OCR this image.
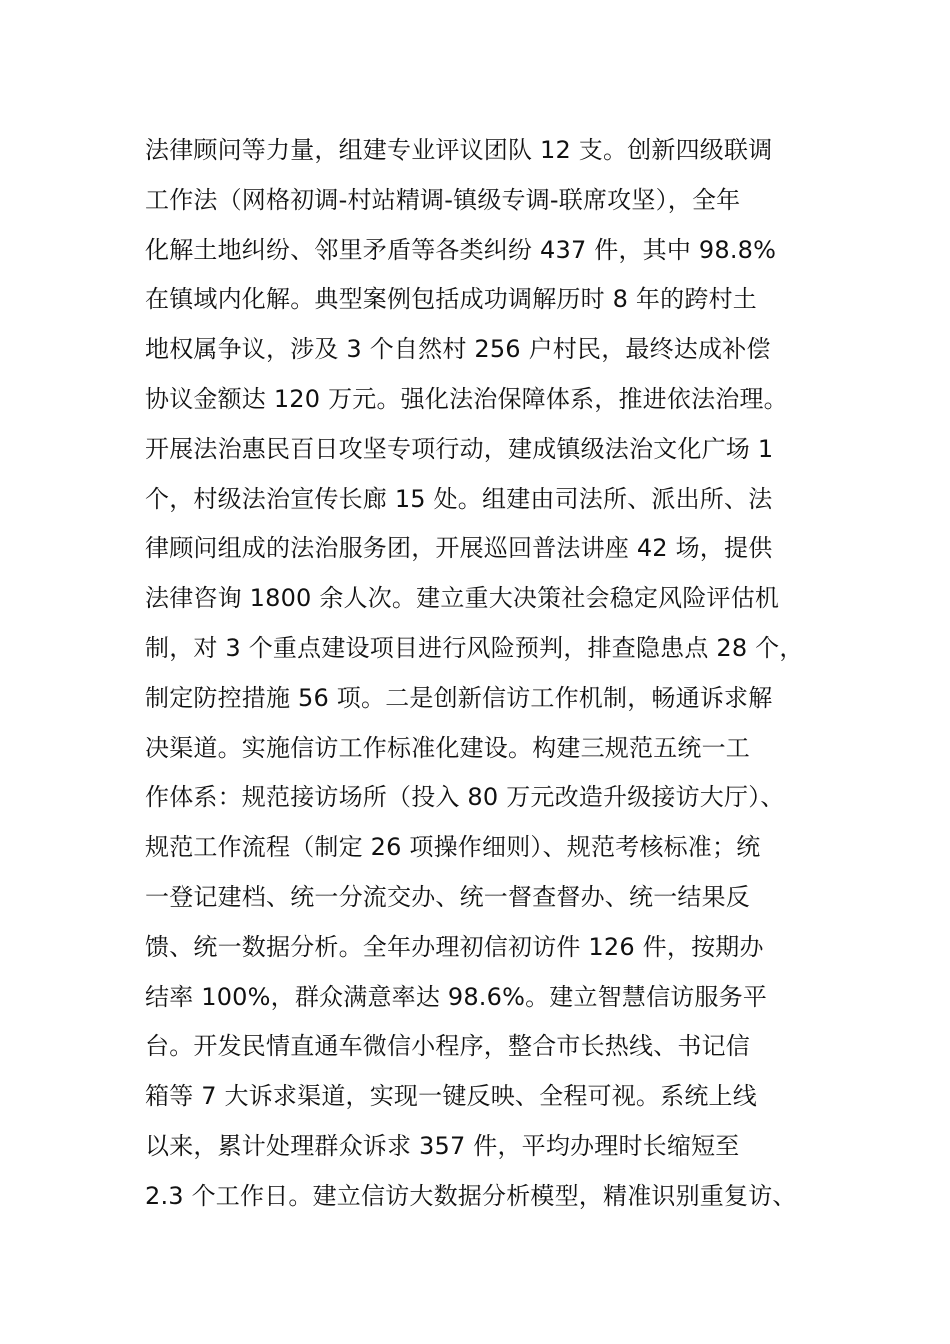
法律顾问等力量，组建专业评议团队 12 支。创新四级联调
工作法（网格初调-村站精调-镇级专调-联席攻坚），全年
化解土地纠纷、邻里矛盾等各类纠纷 437 件，其中 98.8%
在镇域内化解。典型案例包括成功调解历时 8 年的跨村土
地权属争议，涉及 3 个自然村 256 户村民，最终达成补偿
协议金额达 120 万元。强化法治保障体系，推进依法治理。
开展法治惠民百日攻坚专项行动，建成镇级法治文化广场 1
个，村级法治宣传长廊 15 处。组建由司法所、派出所、法
律顾问组成的法治服务团，开展巡回普法讲座 42 场，提供
法律咨询 1800 余人次。建立重大决策社会稳定风险评估机
制，对 3 个重点建设项目进行风险预判，排查隐患点 28 个，
制定防控措施 56 项。二是创新信访工作机制，畅通诉求解
决渠道。实施信访工作标准化建设。构建三规范五统一工
作体系：规范接访场所（投入 80 万元改造升级接访大厅）、
规范工作流程（制定 26 项操作细则）、规范考核标准；统
一登记建档、统一分流交办、统一督查督办、统一结果反
馈、统一数据分析。全年办理初信初访件 126 件，按期办
结率 100%，群众满意率达 98.6%。建立智慧信访服务平
台。开发民情直通车微信小程序，整合市长热线、书记信
箱等 7 大诉求渠道，实现一键反映、全程可视。系统上线
以来，累计处理群众诉求 357 件，平均办理时长缩短至
2.3 个工作日。建立信访大数据分析模型，精准识别重复访、
